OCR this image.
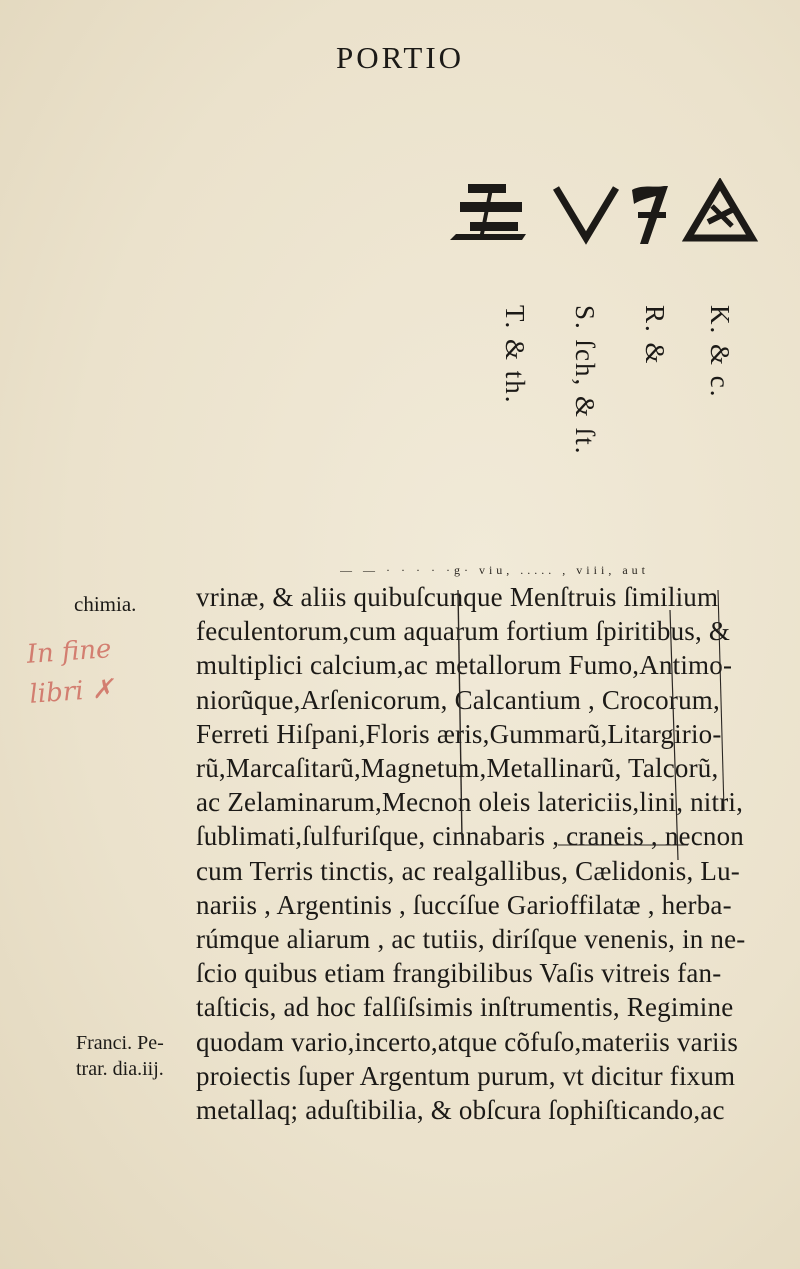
PORTIO
T. & th. S. ſch, & ſt. R. & K. & c.
— — · · · · ·g· viu, ..... , viii, aut
chimia.
In fine
libri ✗
Franci. Pe-
trar. dia.iij.
vrinæ, & aliis quibuſcunque Menſtruis ſimilium
feculentorum,cum aquarum fortium ſpiritibus, &
multiplici calcium,ac metallorum Fumo,Antimo-
niorũque,Arſenicorum, Calcantium , Crocorum,
Ferreti Hiſpani,Floris æris,Gummarũ,Litargirio-
rũ,Marcaſitarũ,Magnetum,Metallinarũ, Talcorũ,
ac Zelaminarum,Mecnon oleis latericiis,lini, nitri,
ſublimati,ſulfuriſque, cinnabaris , craneis , necnon
cum Terris tinctis, ac realgallibus, Cælidonis, Lu-
nariis , Argentinis , ſuccíſue Garioffilatæ , herba-
rúmque aliarum , ac tutiis, diríſque venenis, in ne-
ſcio quibus etiam frangibilibus Vaſis vitreis fan-
taſticis, ad hoc falſiſsimis inſtrumentis, Regimine
quodam vario,incerto,atque cõfuſo,materiis variis
proiectis ſuper Argentum purum, vt dicitur fixum
metallaq; aduſtibilia, & obſcura ſophiſticando,ac
